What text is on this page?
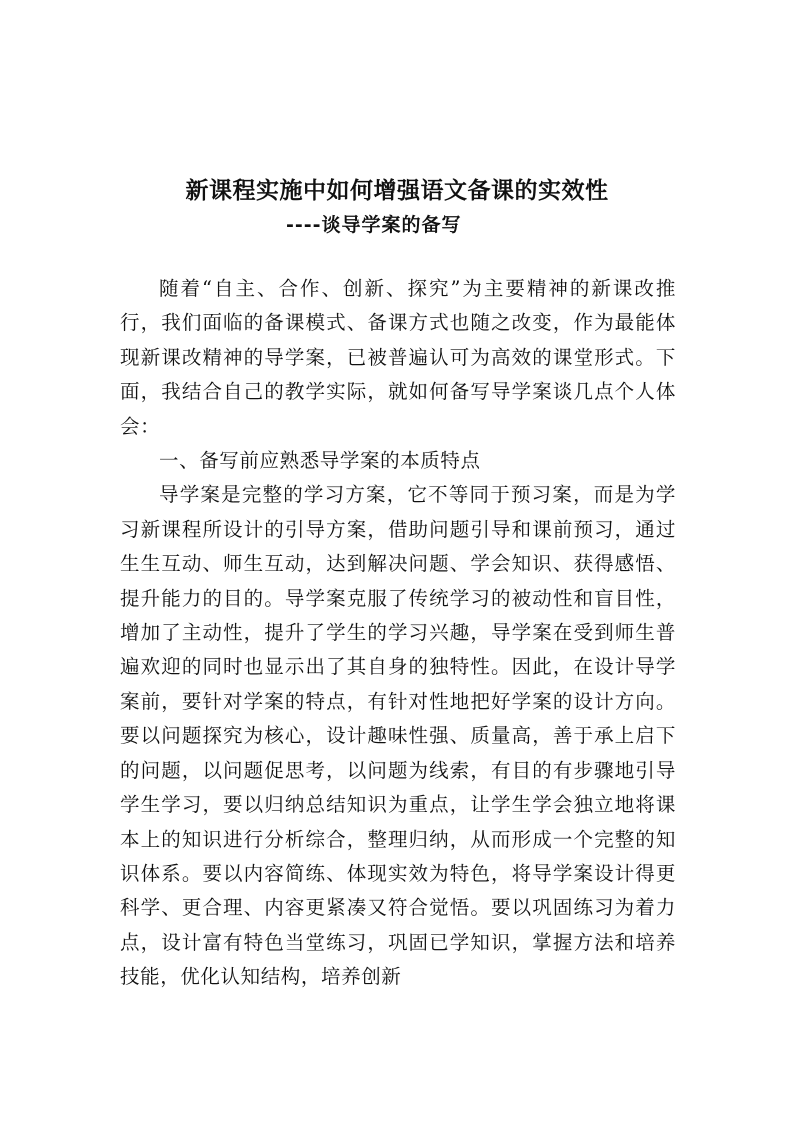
新课程实施中如何增强语文备课的实效性
----谈导学案的备写

随着“自主、合作、创新、探究”为主要精神的新课改推行，我们面临的备课模式、备课方式也随之改变，作为最能体现新课改精神的导学案，已被普遍认可为高效的课堂形式。下面，我结合自己的教学实际，就如何备写导学案谈几点个人体会：

一、备写前应熟悉导学案的本质特点

导学案是完整的学习方案，它不等同于预习案，而是为学习新课程所设计的引导方案，借助问题引导和课前预习，通过生生互动、师生互动，达到解决问题、学会知识、获得感悟、提升能力的目的。导学案克服了传统学习的被动性和盲目性，增加了主动性，提升了学生的学习兴趣，导学案在受到师生普遍欢迎的同时也显示出了其自身的独特性。因此，在设计导学案前，要针对学案的特点，有针对性地把好学案的设计方向。要以问题探究为核心，设计趣味性强、质量高，善于承上启下的问题，以问题促思考，以问题为线索，有目的有步骤地引导学生学习，要以归纳总结知识为重点，让学生学会独立地将课本上的知识进行分析综合，整理归纳，从而形成一个完整的知识体系。要以内容简练、体现实效为特色，将导学案设计得更科学、更合理、内容更紧凑又符合觉悟。要以巩固练习为着力点，设计富有特色当堂练习，巩固已学知识，掌握方法和培养技能，优化认知结构，培养创新
